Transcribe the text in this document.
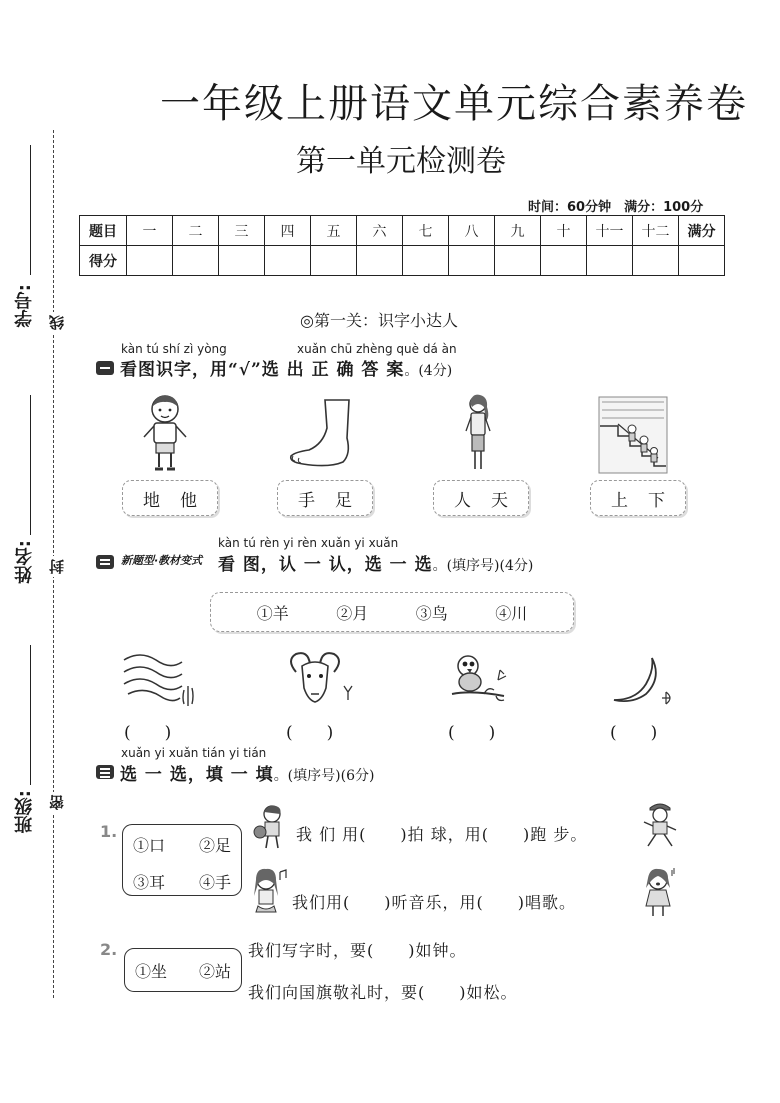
学号:
姓名:
班级:
线
封
密
一年级上册语文单元综合素养卷
第一单元检测卷
时间：60分钟　满分：100分
题目	一	二	三	四	五	六	七	八	九	十	十一	十二	满分
得分													
◎第一关：识字小达人
kàn tú shí zì yòng	xuǎn chū zhèng què dá àn
看图识字，用“√”选 出 正 确 答 案。(4分)
地 他	手 足	人 天	上 下
kàn tú rèn yi rèn xuǎn yi xuǎn
新题型·教材变式 看 图，认 一 认，选 一 选。(填序号)(4分)
①羊	②月	③鸟	④川
(　　)	(　　)	(　　)	(　　)
xuǎn yi xuǎn tián yi tián
选 一 选，填 一 填。(填序号)(6分)
1.
①口 ②足
③耳 ④手
我 们 用(　　)拍 球，用(　　)跑 步。
我们用(　　)听音乐，用(　　)唱歌。
2.
①坐 ②站
我们写字时，要(　　)如钟。
我们向国旗敬礼时，要(　　)如松。
